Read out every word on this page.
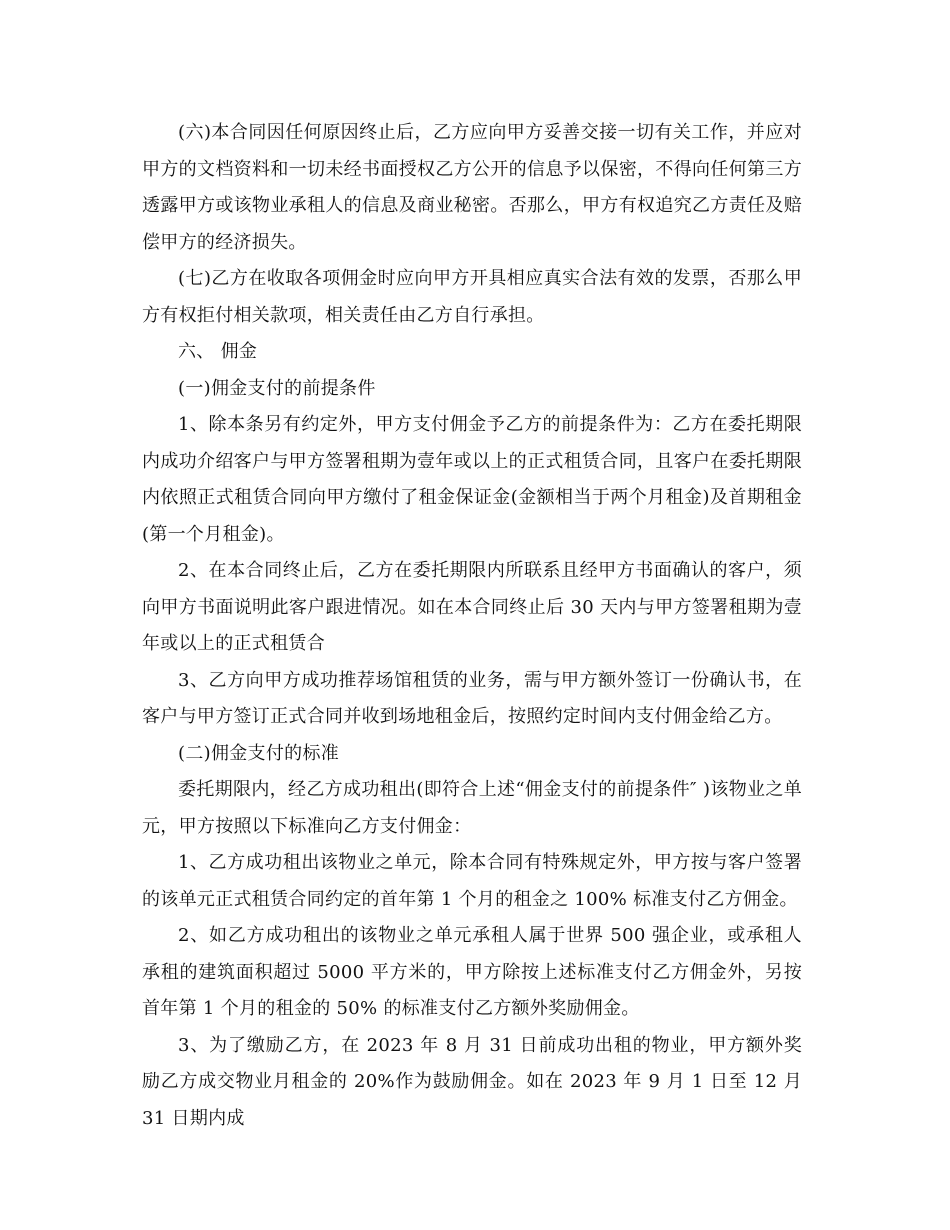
(六)本合同因任何原因终止后，乙方应向甲方妥善交接一切有关工作，并应对甲方的文档资料和一切未经书面授权乙方公开的信息予以保密，不得向任何第三方透露甲方或该物业承租人的信息及商业秘密。否那么，甲方有权追究乙方责任及赔偿甲方的经济损失。

(七)乙方在收取各项佣金时应向甲方开具相应真实合法有效的发票，否那么甲方有权拒付相关款项，相关责任由乙方自行承担。

六、 佣金

(一)佣金支付的前提条件

1、除本条另有约定外，甲方支付佣金予乙方的前提条件为：乙方在委托期限内成功介绍客户与甲方签署租期为壹年或以上的正式租赁合同，且客户在委托期限内依照正式租赁合同向甲方缴付了租金保证金(金额相当于两个月租金)及首期租金(第一个月租金)。

2、在本合同终止后，乙方在委托期限内所联系且经甲方书面确认的客户，须向甲方书面说明此客户跟进情况。如在本合同终止后 30 天内与甲方签署租期为壹年或以上的正式租赁合

3、乙方向甲方成功推荐场馆租赁的业务，需与甲方额外签订一份确认书，在客户与甲方签订正式合同并收到场地租金后，按照约定时间内支付佣金给乙方。

(二)佣金支付的标准

委托期限内，经乙方成功租出(即符合上述“佣金支付的前提条件″ )该物业之单元，甲方按照以下标准向乙方支付佣金：

1、乙方成功租出该物业之单元，除本合同有特殊规定外，甲方按与客户签署的该单元正式租赁合同约定的首年第 1 个月的租金之 100% 标准支付乙方佣金。

2、如乙方成功租出的该物业之单元承租人属于世界 500 强企业，或承租人承租的建筑面积超过 5000 平方米的，甲方除按上述标准支付乙方佣金外，另按首年第 1 个月的租金的 50% 的标准支付乙方额外奖励佣金。

3、为了缴励乙方，在 2023 年 8 月 31 日前成功出租的物业，甲方额外奖励乙方成交物业月租金的 20%作为鼓励佣金。如在 2023 年 9 月 1 日至 12 月 31 日期内成
